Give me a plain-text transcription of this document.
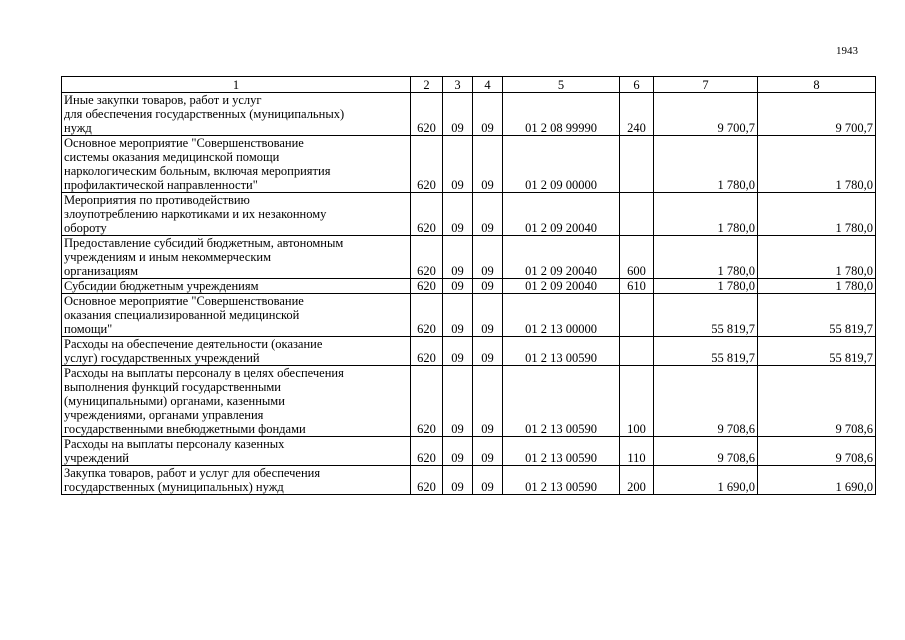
1943
1	2	3	4	5	6	7	8
Иные закупки товаров, работ и услуг
для обеспечения государственных (муниципальных)
нужд	620	09	09	01 2 08 99990	240	9 700,7	9 700,7
Основное мероприятие "Совершенствование
системы оказания медицинской помощи
наркологическим больным, включая мероприятия
профилактической направленности"	620	09	09	01 2 09 00000		1 780,0	1 780,0
Мероприятия по противодействию
злоупотреблению наркотиками и их незаконному
обороту	620	09	09	01 2 09 20040		1 780,0	1 780,0
Предоставление субсидий бюджетным, автономным
учреждениям и иным некоммерческим
организациям	620	09	09	01 2 09 20040	600	1 780,0	1 780,0
Субсидии бюджетным учреждениям	620	09	09	01 2 09 20040	610	1 780,0	1 780,0
Основное мероприятие "Совершенствование
оказания специализированной медицинской
помощи"	620	09	09	01 2 13 00000		55 819,7	55 819,7
Расходы на обеспечение деятельности (оказание
услуг) государственных учреждений	620	09	09	01 2 13 00590		55 819,7	55 819,7
Расходы на выплаты персоналу в целях обеспечения
выполнения функций государственными
(муниципальными) органами, казенными
учреждениями, органами управления
государственными внебюджетными фондами	620	09	09	01 2 13 00590	100	9 708,6	9 708,6
Расходы на выплаты персоналу казенных
учреждений	620	09	09	01 2 13 00590	110	9 708,6	9 708,6
Закупка товаров, работ и услуг для обеспечения
государственных (муниципальных) нужд	620	09	09	01 2 13 00590	200	1 690,0	1 690,0
